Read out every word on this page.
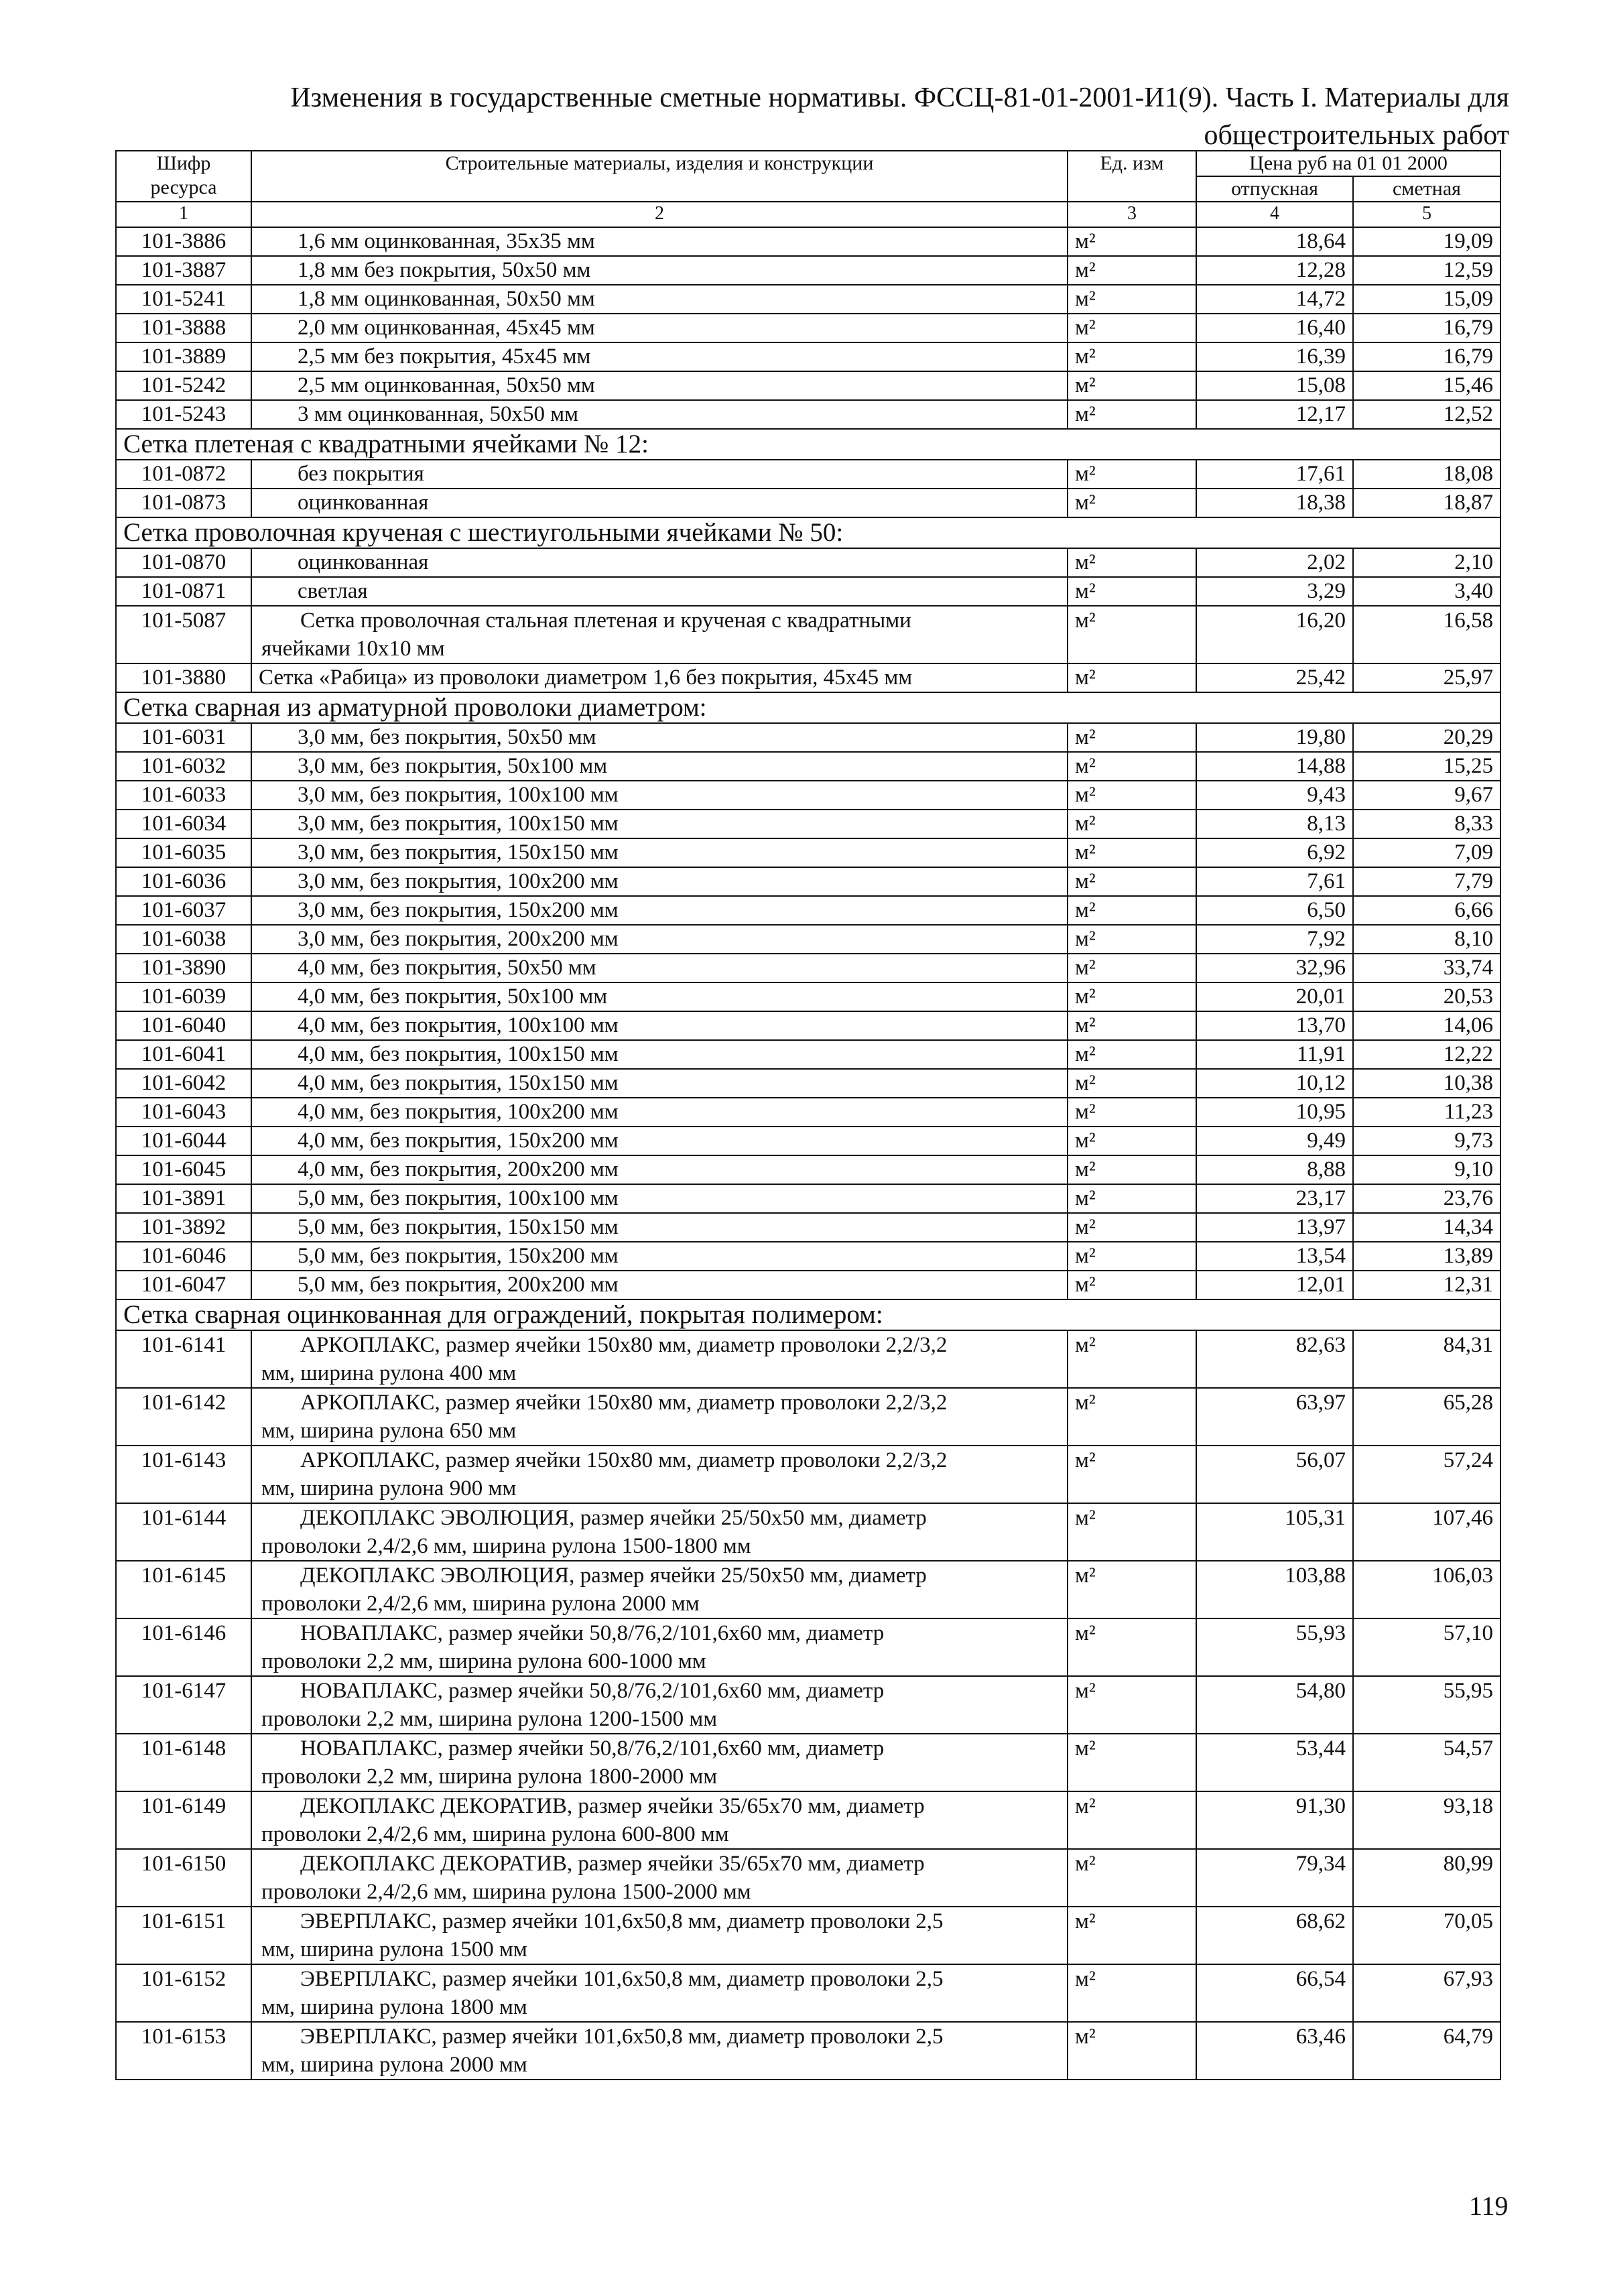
Изменения в государственные сметные нормативы. ФССЦ-81-01-2001-И1(9). Часть I. Материалы для
общестроительных работ
Шифр ресурса	Строительные материалы, изделия и конструкции	Ед. изм	Цена руб на 01 01 2000	
			отпускная	сметная
1	2	3	4	5
101-3886	1,6 мм оцинкованная, 35x35 мм	м²	18,64	19,09
101-3887	1,8 мм без покрытия, 50x50 мм	м²	12,28	12,59
101-5241	1,8 мм оцинкованная, 50x50 мм	м²	14,72	15,09
101-3888	2,0 мм оцинкованная, 45x45 мм	м²	16,40	16,79
101-3889	2,5 мм без покрытия, 45x45 мм	м²	16,39	16,79
101-5242	2,5 мм оцинкованная, 50x50 мм	м²	15,08	15,46
101-5243	3 мм оцинкованная, 50x50 мм	м²	12,17	12,52
Сетка плетеная с квадратными ячейками № 12:				
101-0872	без покрытия	м²	17,61	18,08
101-0873	оцинкованная	м²	18,38	18,87
Сетка проволочная крученая с шестиугольными ячейками № 50:				
101-0870	оцинкованная	м²	2,02	2,10
101-0871	светлая	м²	3,29	3,40
101-5087	Сетка проволочная стальная плетеная и крученая с квадратными
ячейками 10x10 мм	м²	16,20	16,58
101-3880	Сетка «Рабица» из проволоки диаметром 1,6 без покрытия, 45x45 мм	м²	25,42	25,97
Сетка сварная из арматурной проволоки диаметром:				
101-6031	3,0 мм, без покрытия, 50x50 мм	м²	19,80	20,29
101-6032	3,0 мм, без покрытия, 50x100 мм	м²	14,88	15,25
101-6033	3,0 мм, без покрытия, 100x100 мм	м²	9,43	9,67
101-6034	3,0 мм, без покрытия, 100x150 мм	м²	8,13	8,33
101-6035	3,0 мм, без покрытия, 150x150 мм	м²	6,92	7,09
101-6036	3,0 мм, без покрытия, 100x200 мм	м²	7,61	7,79
101-6037	3,0 мм, без покрытия, 150x200 мм	м²	6,50	6,66
101-6038	3,0 мм, без покрытия, 200x200 мм	м²	7,92	8,10
101-3890	4,0 мм, без покрытия, 50x50 мм	м²	32,96	33,74
101-6039	4,0 мм, без покрытия, 50x100 мм	м²	20,01	20,53
101-6040	4,0 мм, без покрытия, 100x100 мм	м²	13,70	14,06
101-6041	4,0 мм, без покрытия, 100x150 мм	м²	11,91	12,22
101-6042	4,0 мм, без покрытия, 150x150 мм	м²	10,12	10,38
101-6043	4,0 мм, без покрытия, 100x200 мм	м²	10,95	11,23
101-6044	4,0 мм, без покрытия, 150x200 мм	м²	9,49	9,73
101-6045	4,0 мм, без покрытия, 200x200 мм	м²	8,88	9,10
101-3891	5,0 мм, без покрытия, 100x100 мм	м²	23,17	23,76
101-3892	5,0 мм, без покрытия, 150x150 мм	м²	13,97	14,34
101-6046	5,0 мм, без покрытия, 150x200 мм	м²	13,54	13,89
101-6047	5,0 мм, без покрытия, 200x200 мм	м²	12,01	12,31
Сетка сварная оцинкованная для ограждений, покрытая полимером:				
101-6141	АРКОПЛАКС, размер ячейки 150x80 мм, диаметр проволоки 2,2/3,2
мм, ширина рулона 400 мм	м²	82,63	84,31
101-6142	АРКОПЛАКС, размер ячейки 150x80 мм, диаметр проволоки 2,2/3,2
мм, ширина рулона 650 мм	м²	63,97	65,28
101-6143	АРКОПЛАКС, размер ячейки 150x80 мм, диаметр проволоки 2,2/3,2
мм, ширина рулона 900 мм	м²	56,07	57,24
101-6144	ДЕКОПЛАКС ЭВОЛЮЦИЯ, размер ячейки 25/50x50 мм, диаметр
проволоки 2,4/2,6 мм, ширина рулона 1500-1800 мм	м²	105,31	107,46
101-6145	ДЕКОПЛАКС ЭВОЛЮЦИЯ, размер ячейки 25/50x50 мм, диаметр
проволоки 2,4/2,6 мм, ширина рулона 2000 мм	м²	103,88	106,03
101-6146	НОВАПЛАКС, размер ячейки 50,8/76,2/101,6x60 мм, диаметр
проволоки 2,2 мм, ширина рулона 600-1000 мм	м²	55,93	57,10
101-6147	НОВАПЛАКС, размер ячейки 50,8/76,2/101,6x60 мм, диаметр
проволоки 2,2 мм, ширина рулона 1200-1500 мм	м²	54,80	55,95
101-6148	НОВАПЛАКС, размер ячейки 50,8/76,2/101,6x60 мм, диаметр
проволоки 2,2 мм, ширина рулона 1800-2000 мм	м²	53,44	54,57
101-6149	ДЕКОПЛАКС ДЕКОРАТИВ, размер ячейки 35/65x70 мм, диаметр
проволоки 2,4/2,6 мм, ширина рулона 600-800 мм	м²	91,30	93,18
101-6150	ДЕКОПЛАКС ДЕКОРАТИВ, размер ячейки 35/65x70 мм, диаметр
проволоки 2,4/2,6 мм, ширина рулона 1500-2000 мм	м²	79,34	80,99
101-6151	ЭВЕРПЛАКС, размер ячейки 101,6x50,8 мм, диаметр проволоки 2,5
мм, ширина рулона 1500 мм	м²	68,62	70,05
101-6152	ЭВЕРПЛАКС, размер ячейки 101,6x50,8 мм, диаметр проволоки 2,5
мм, ширина рулона 1800 мм	м²	66,54	67,93
101-6153	ЭВЕРПЛАКС, размер ячейки 101,6x50,8 мм, диаметр проволоки 2,5
мм, ширина рулона 2000 мм	м²	63,46	64,79
119
